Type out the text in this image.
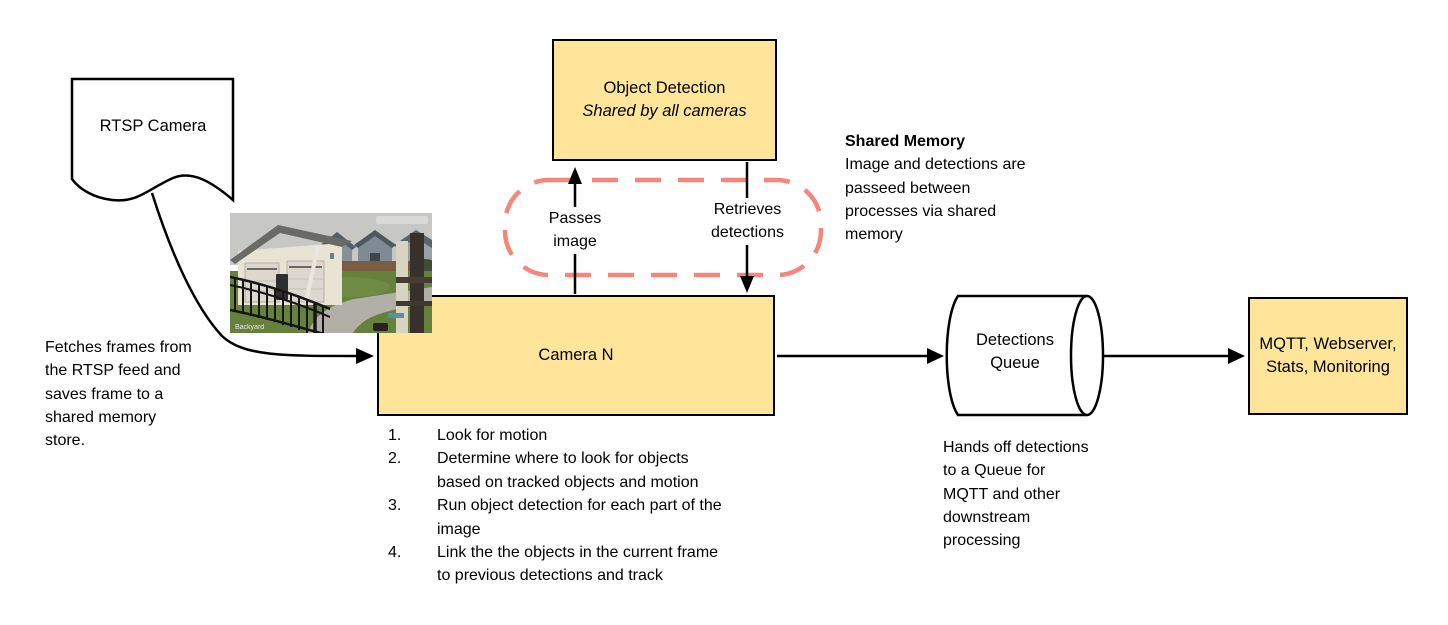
Object Detection
Shared by all cameras
Camera N
MQTT, Webserver,
Stats, Monitoring
RTSP Camera
Detections
Queue
Passes
image
Retrieves
detections
Fetches frames from
the RTSP feed and
saves frame to a
shared memory
store.
Shared Memory
Image and detections are
passeed between
processes via shared
memory
Hands off detections
to a Queue for
MQTT and other
downstream
processing
1.	Look for motion
2.	Determine where to look for objects
based on tracked objects and motion
3.	Run object detection for each part of the
image
4.	Link the the objects in the current frame
to previous detections and track
Backyard
